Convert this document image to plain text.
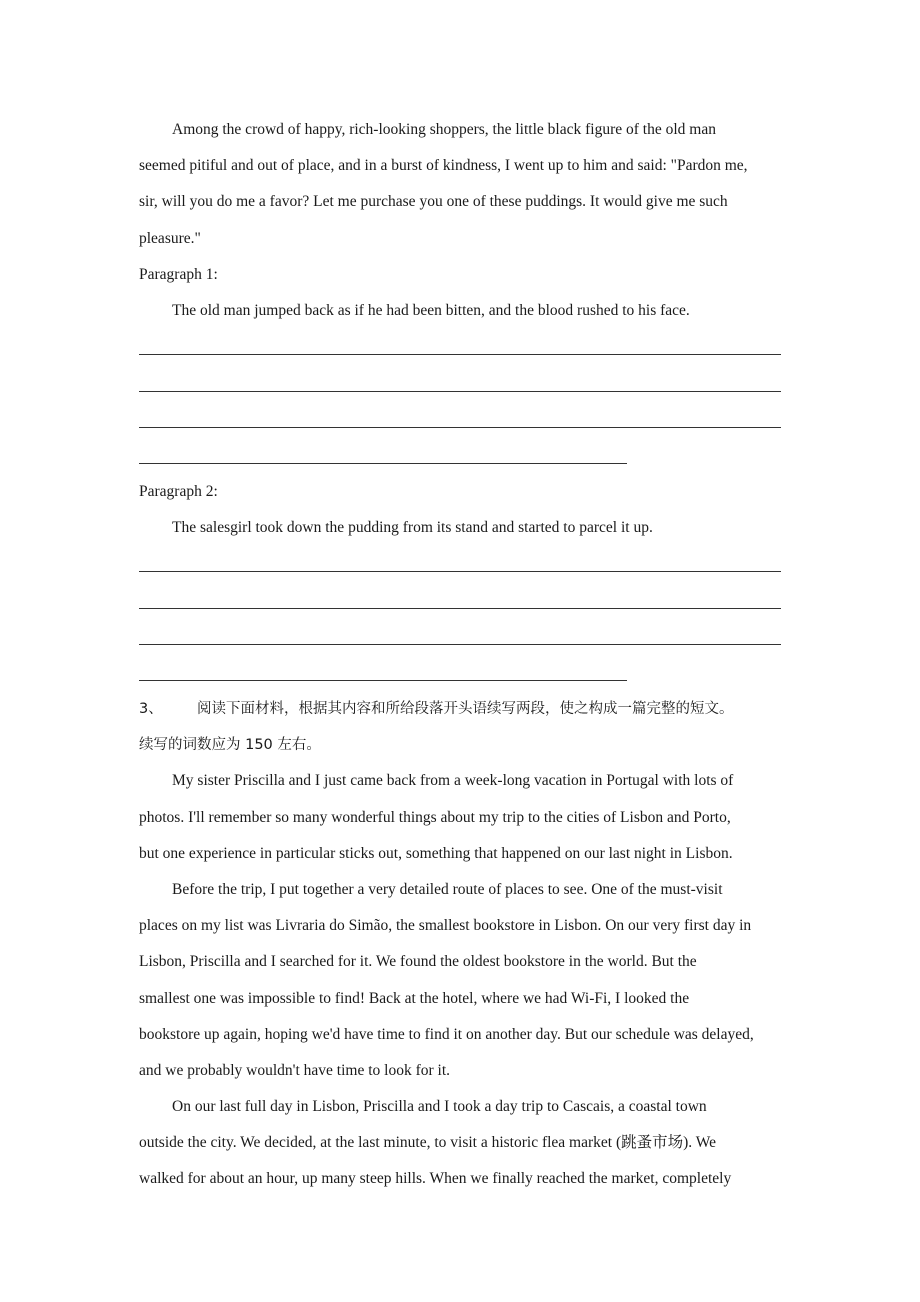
Among the crowd of happy, rich-looking shoppers, the little black figure of the old man
seemed pitiful and out of place, and in a burst of kindness, I went up to him and said: "Pardon me,
sir, will you do me a favor? Let me purchase you one of these puddings. It would give me such
pleasure."
Paragraph 1:
The old man jumped back as if he had been bitten, and the blood rushed to his face.
Paragraph 2:
The salesgirl took down the pudding from its stand and started to parcel it up.
3、 阅读下面材料，根据其内容和所给段落开头语续写两段，使之构成一篇完整的短文。
续写的词数应为 150 左右。
My sister Priscilla and I just came back from a week-long vacation in Portugal with lots of
photos. I'll remember so many wonderful things about my trip to the cities of Lisbon and Porto,
but one experience in particular sticks out, something that happened on our last night in Lisbon.
Before the trip, I put together a very detailed route of places to see. One of the must-visit
places on my list was Livraria do Simão, the smallest bookstore in Lisbon. On our very first day in
Lisbon, Priscilla and I searched for it. We found the oldest bookstore in the world. But the
smallest one was impossible to find! Back at the hotel, where we had Wi-Fi, I looked the
bookstore up again, hoping we'd have time to find it on another day. But our schedule was delayed,
and we probably wouldn't have time to look for it.
On our last full day in Lisbon, Priscilla and I took a day trip to Cascais, a coastal town
outside the city. We decided, at the last minute, to visit a historic flea market (跳蚤市场). We
walked for about an hour, up many steep hills. When we finally reached the market, completely
